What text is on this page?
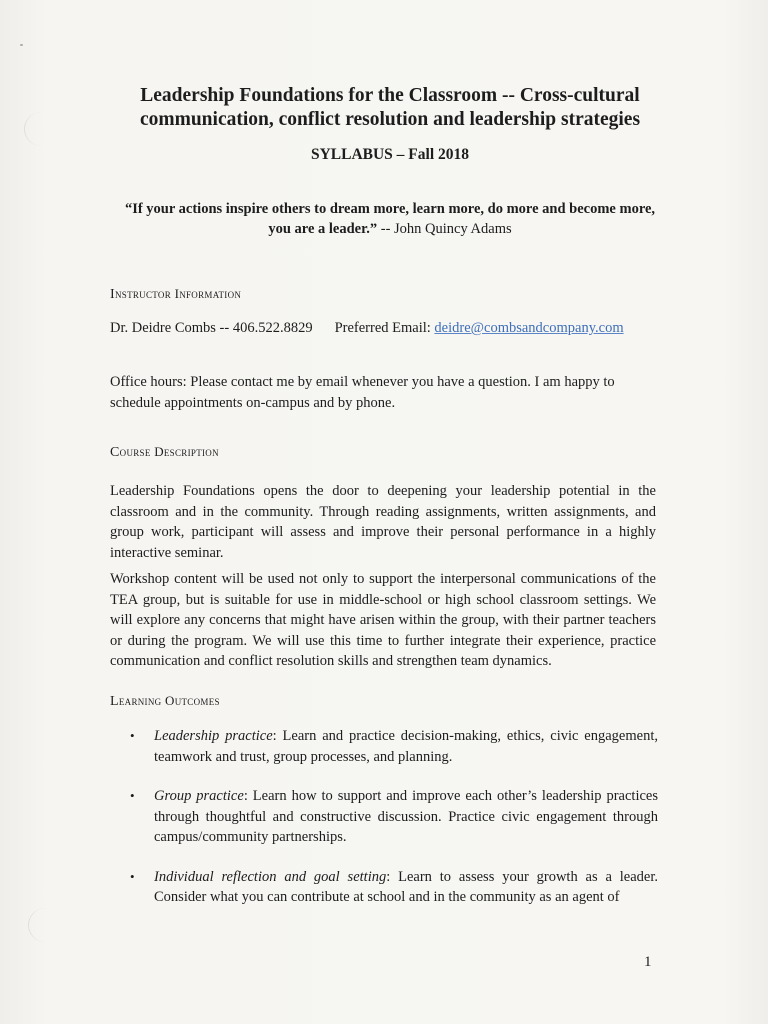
Leadership Foundations for the Classroom -- Cross-cultural
communication, conflict resolution and leadership strategies

SYLLABUS – Fall 2018

“If your actions inspire others to dream more, learn more, do more and become more,
you are a leader.” -- John Quincy Adams

Instructor Information

Dr. Deidre Combs -- 406.522.8829 Preferred Email: deidre@combsandcompany.com

Office hours: Please contact me by email whenever you have a question. I am happy to schedule appointments on-campus and by phone.

Course Description

Leadership Foundations opens the door to deepening your leadership potential in the classroom and in the community. Through reading assignments, written assignments, and group work, participant will assess and improve their personal performance in a highly interactive seminar.

Workshop content will be used not only to support the interpersonal communications of the TEA group, but is suitable for use in middle-school or high school classroom settings. We will explore any concerns that might have arisen within the group, with their partner teachers or during the program. We will use this time to further integrate their experience, practice communication and conflict resolution skills and strengthen team dynamics.

Learning Outcomes
• Leadership practice: Learn and practice decision-making, ethics, civic engagement, teamwork and trust, group processes, and planning.
• Group practice: Learn how to support and improve each other’s leadership practices through thoughtful and constructive discussion. Practice civic engagement through campus/community partnerships.
• Individual reflection and goal setting: Learn to assess your growth as a leader. Consider what you can contribute at school and in the community as an agent of

1
